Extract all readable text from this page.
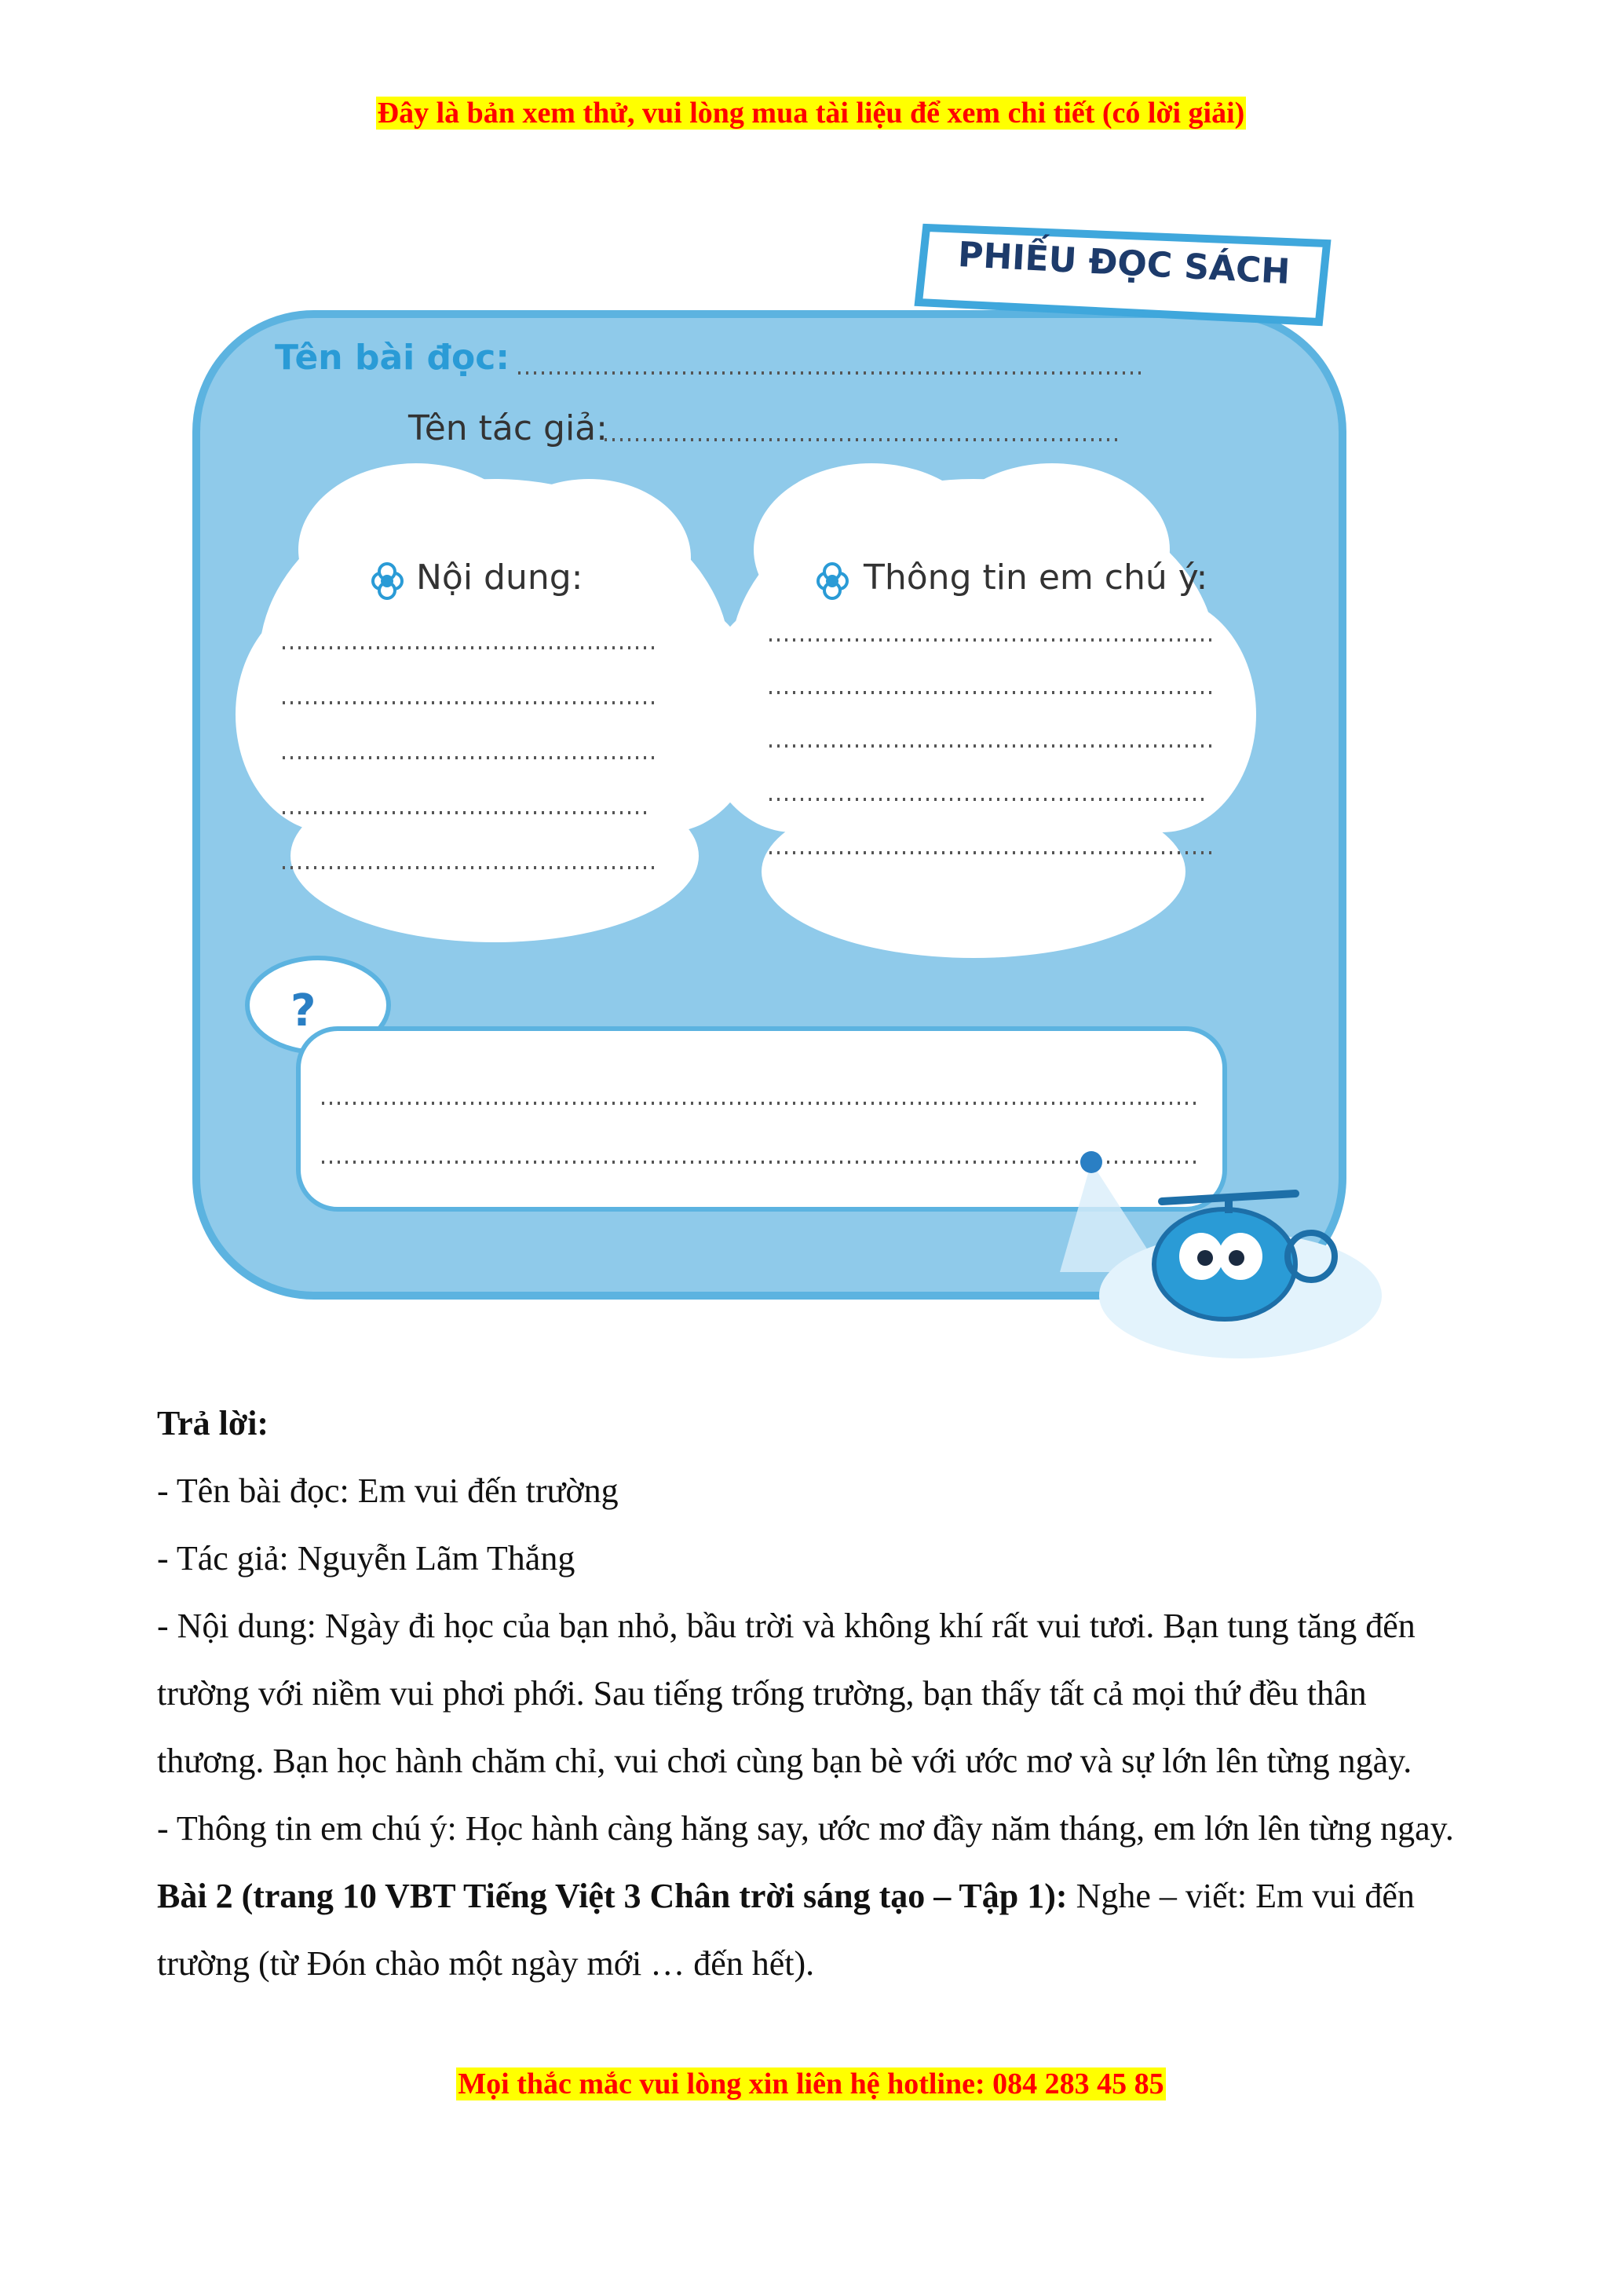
Đây là bản xem thử, vui lòng mua tài liệu để xem chi tiết (có lời giải)
PHIẾU ĐỌC SÁCH
Tên bài đọc:
Tên tác giả:
Nội dung:	Thông tin em chú ý:
?

Trả lời:

- Tên bài đọc: Em vui đến trường

- Tác giả: Nguyễn Lãm Thắng

- Nội dung: Ngày đi học của bạn nhỏ, bầu trời và không khí rất vui tươi. Bạn tung tăng đến trường với niềm vui phơi phới. Sau tiếng trống trường, bạn thấy tất cả mọi thứ đều thân thương. Bạn học hành chăm chỉ, vui chơi cùng bạn bè với ước mơ và sự lớn lên từng ngày.

- Thông tin em chú ý: Học hành càng hăng say, ước mơ đầy năm tháng, em lớn lên từng ngay.

Bài 2 (trang 10 VBT Tiếng Việt 3 Chân trời sáng tạo – Tập 1): Nghe – viết: Em vui đến trường (từ Đón chào một ngày mới … đến hết).

Mọi thắc mắc vui lòng xin liên hệ hotline: 084 283 45 85
